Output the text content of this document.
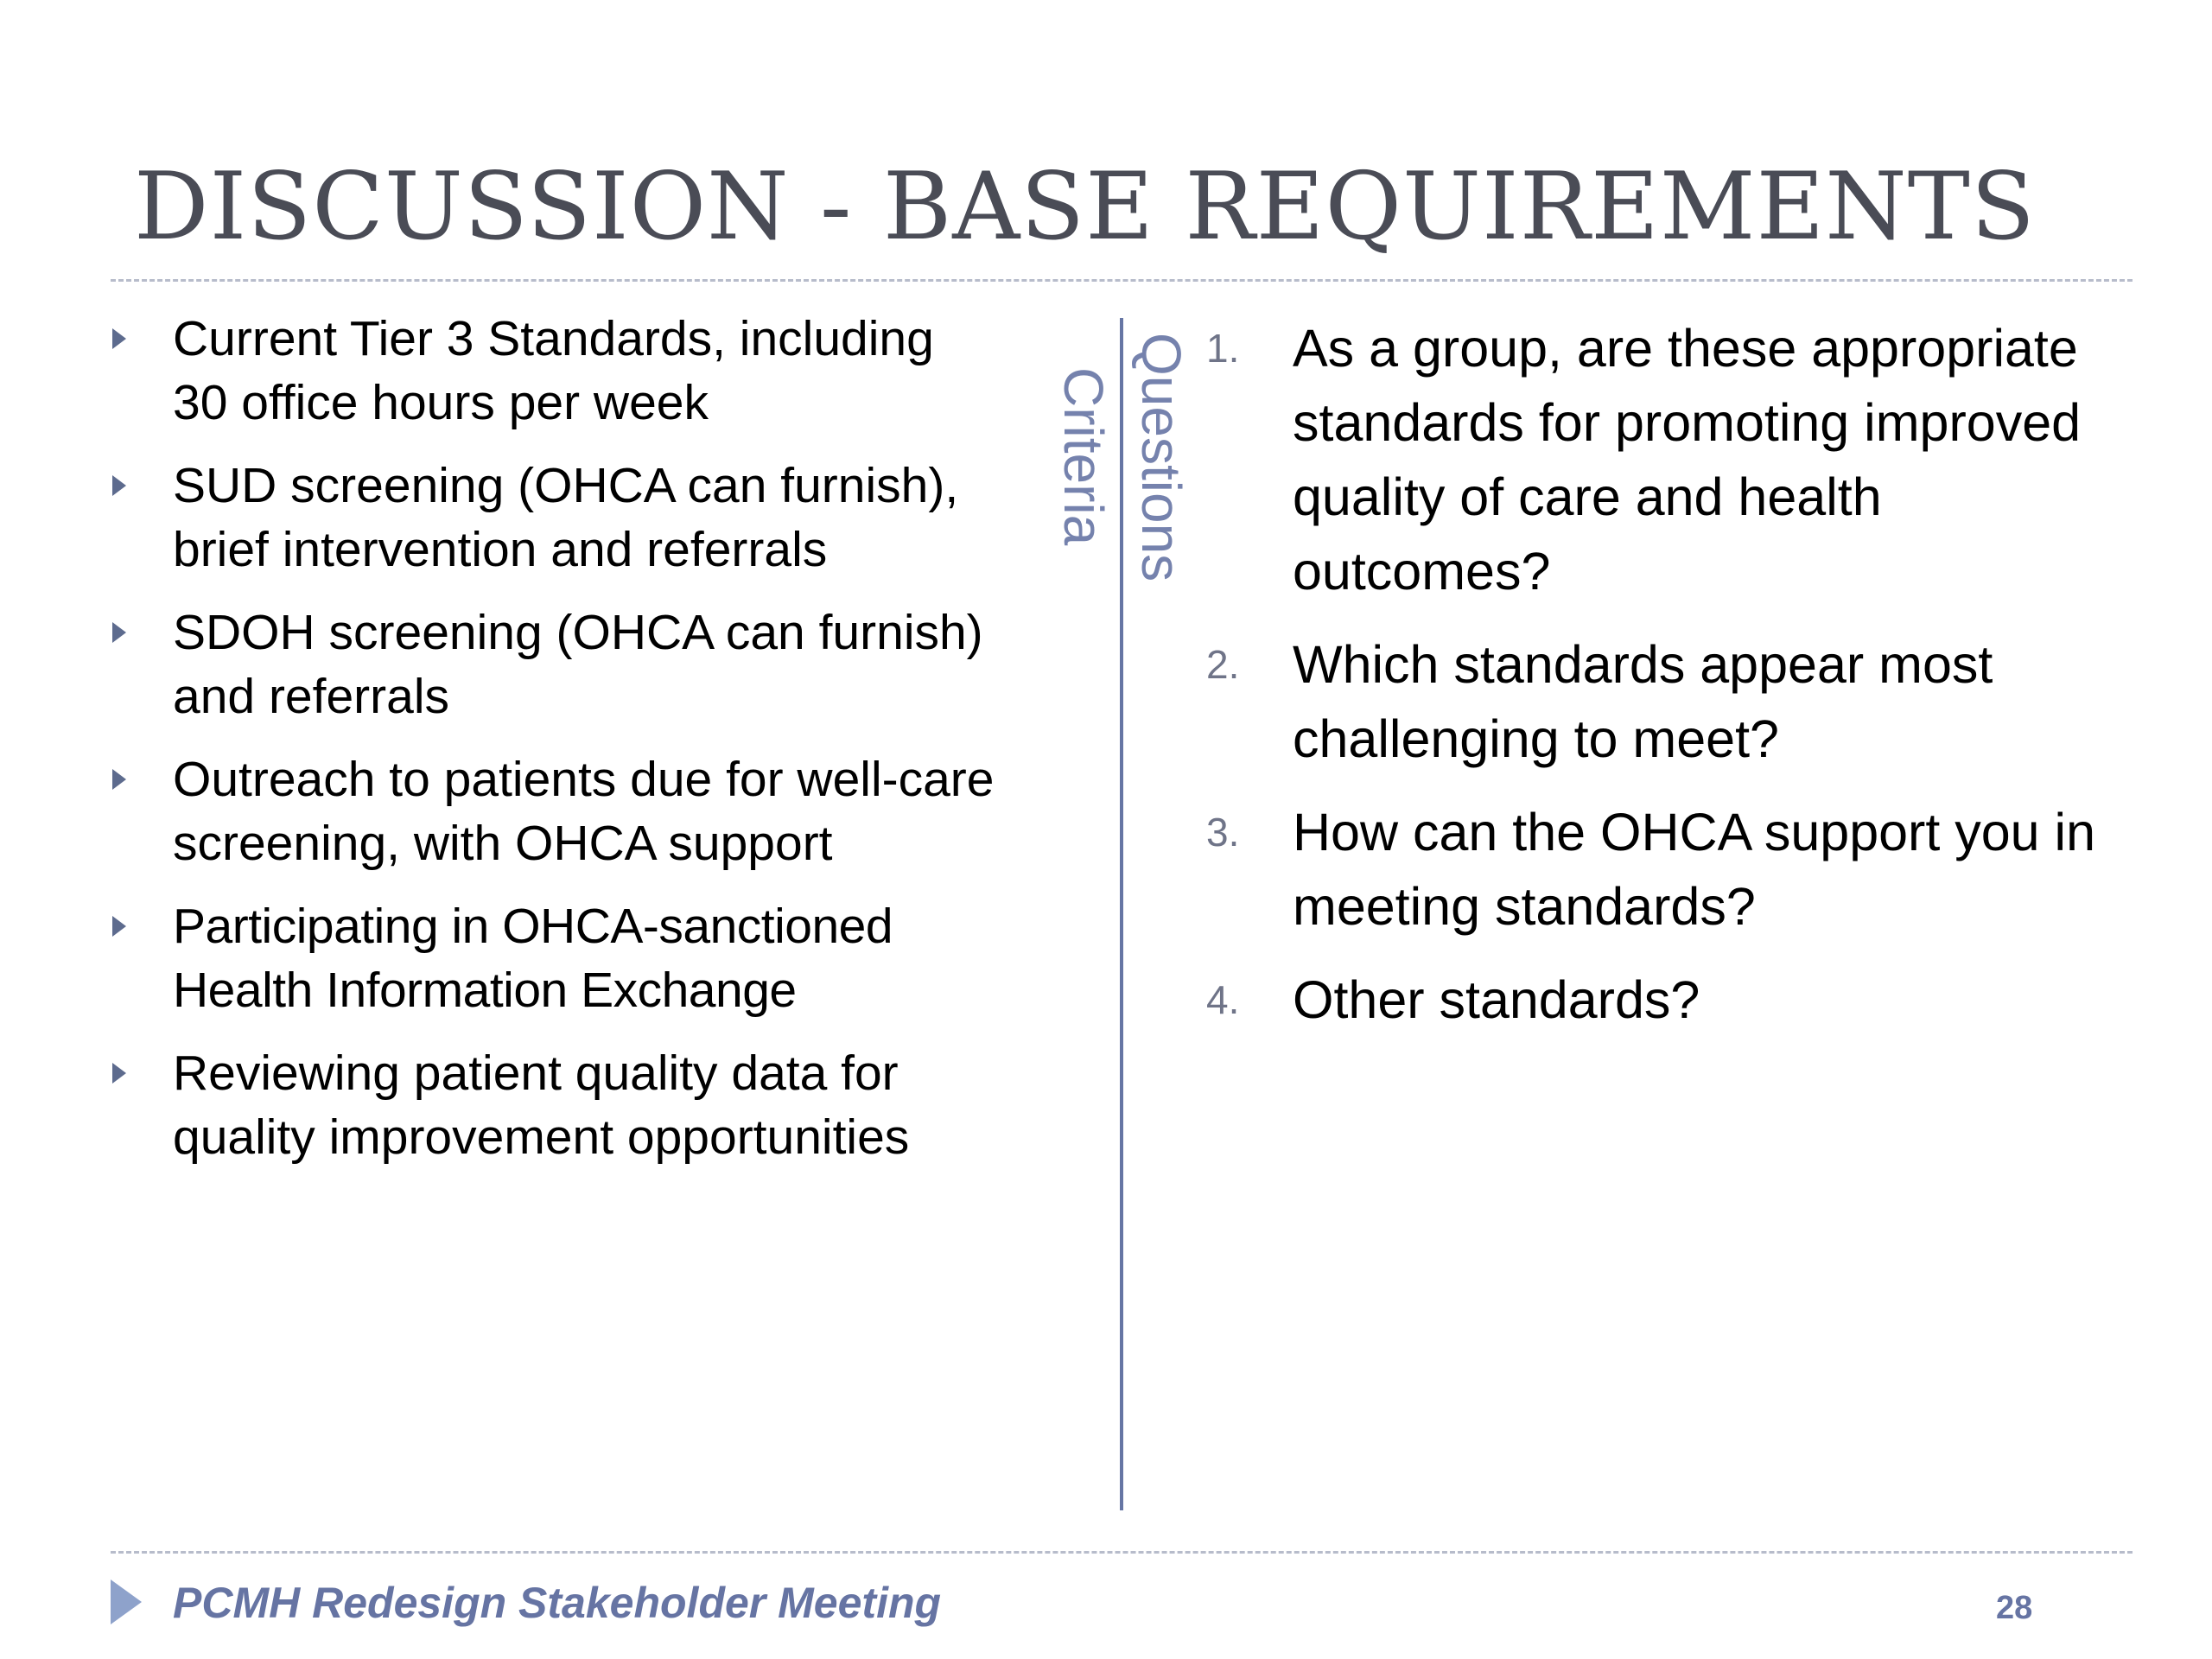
DISCUSSION - BASE REQUIREMENTS
Current Tier 3 Standards, including 30 office hours per week
SUD screening (OHCA can furnish), brief intervention and referrals
SDOH screening (OHCA can furnish) and referrals
Outreach to patients due for well-care screening, with OHCA support
Participating in OHCA-sanctioned Health Information Exchange
Reviewing patient quality data for quality improvement opportunities
Criteria Questions 1. As a group, are these appropriate standards for promoting improved quality of care and health outcomes?
2. Which standards appear most challenging to meet?
3. How can the OHCA support you in meeting standards?
4. Other standards?
PCMH Redesign Stakeholder Meeting	28
